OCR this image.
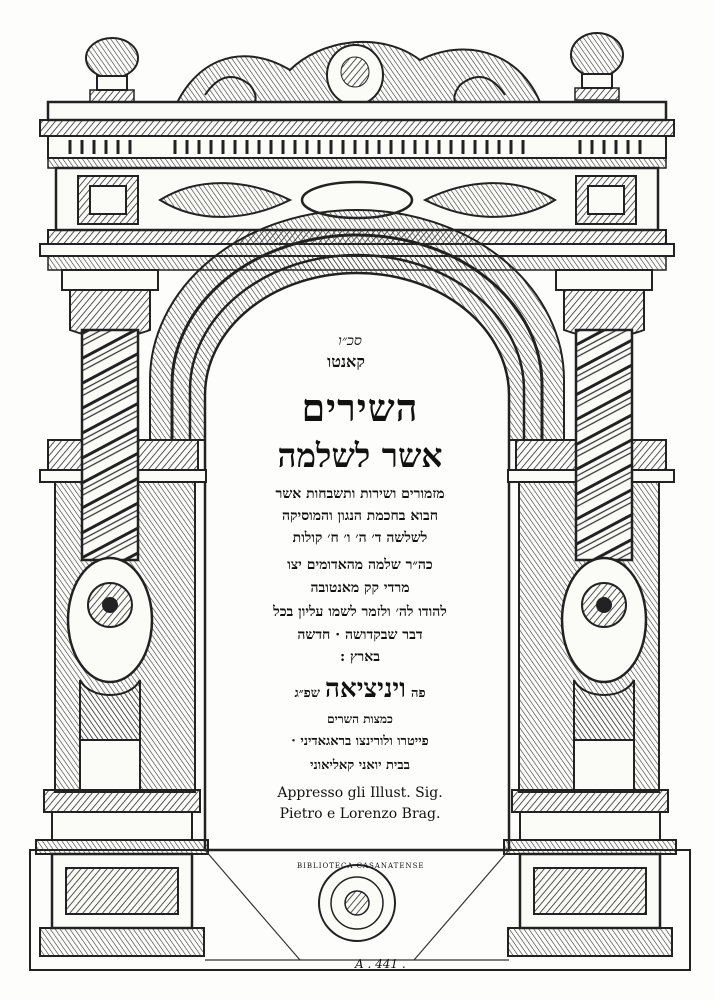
סכ״ו
קאנטו
השירים
אשר לשלמה
מזמורים ושירות ותשבחות אשר
חבוא בחכמת הנגון והמוסיקה
לשלשה ד׳ ה׳ ו׳ ח׳ קולות
כה״ר שלמה מהאדומים יצו
מרדי קק מאנטובה
להודו לה׳ ולזמר לשמו עליון בכל
דבר שבקדושה · חדשה
בארץ :
פה ויניציאה שפ״ג
כמצות השרים
פייטרו ולורינצו בראגאדיני ·
בבית יואני קאליאוני
Appresso gli Illust. Sig.
Pietro e Lorenzo Brag.
BIBLIOTECA CASANATENSE
A . 441 .
